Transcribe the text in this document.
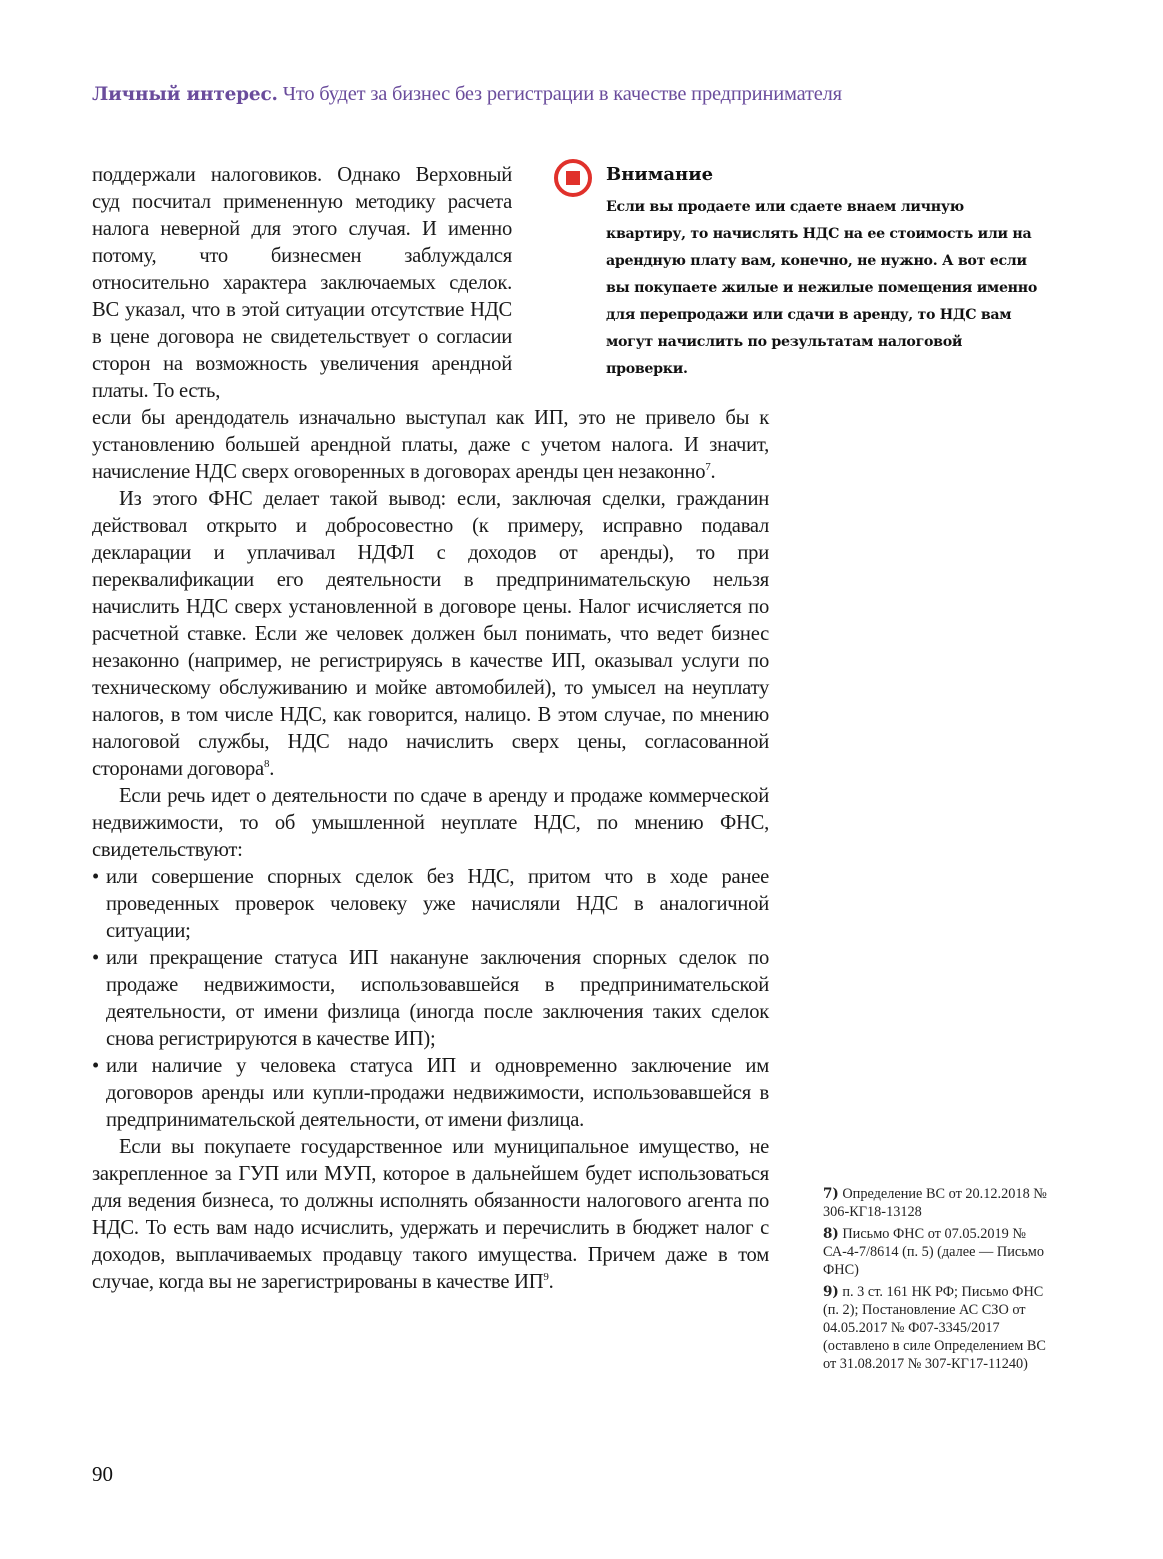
Личный интерес. Что будет за бизнес без регистрации в качестве предпринимателя

поддержали налоговиков. Однако Верховный суд посчитал примененную методику расчета налога неверной для этого случая. И именно потому, что бизнесмен заблуждался относительно характера заключаемых сделок. ВС указал, что в этой ситуации отсутствие НДС в цене договора не свидетельствует о согласии сторон на возможность увеличения арендной платы. То есть,

Внимание
Если вы продаете или сдаете внаем личную квартиру, то начислять НДС на ее стоимость или на арендную плату вам, конечно, не нужно. А вот если вы покупаете жилые и нежилые помещения именно для перепродажи или сдачи в аренду, то НДС вам могут начислить по результатам налоговой проверки.

если бы арендодатель изначально выступал как ИП, это не привело бы к установлению большей арендной платы, даже с учетом налога. И значит, начисление НДС сверх оговоренных в договорах аренды цен незаконно$^7$.

Из этого ФНС делает такой вывод: если, заключая сделки, гражданин действовал открыто и добросовестно (к примеру, исправно подавал декларации и уплачивал НДФЛ с доходов от аренды), то при переквалификации его деятельности в предпринимательскую нельзя начислить НДС сверх установленной в договоре цены. Налог исчисляется по расчетной ставке. Если же человек должен был понимать, что ведет бизнес незаконно (например, не регистрируясь в качестве ИП, оказывал услуги по техническому обслуживанию и мойке автомобилей), то умысел на неуплату налогов, в том числе НДС, как говорится, налицо. В этом случае, по мнению налоговой службы, НДС надо начислить сверх цены, согласованной сторонами договора$^8$.

Если речь идет о деятельности по сдаче в аренду и продаже коммерческой недвижимости, то об умышленной неуплате НДС, по мнению ФНС, свидетельствуют:

• или совершение спорных сделок без НДС, притом что в ходе ранее проведенных проверок человеку уже начисляли НДС в аналогичной ситуации;
• или прекращение статуса ИП накануне заключения спорных сделок по продаже недвижимости, использовавшейся в предпринимательской деятельности, от имени физлица (иногда после заключения таких сделок снова регистрируются в качестве ИП);
• или наличие у человека статуса ИП и одновременно заключение им договоров аренды или купли-продажи недвижимости, использовавшейся в предпринимательской деятельности, от имени физлица.

Если вы покупаете государственное или муниципальное имущество, не закрепленное за ГУП или МУП, которое в дальнейшем будет использоваться для ведения бизнеса, то должны исполнять обязанности налогового агента по НДС. То есть вам надо исчислить, удержать и перечислить в бюджет налог с доходов, выплачиваемых продавцу такого имущества. Причем даже в том случае, когда вы не зарегистрированы в качестве $ИП^9$.

7) Определение ВС от 20.12.2018 № 306-КГ18-13128

8) Письмо ФНС от 07.05.2019 № СА-4-7/8614 (п. 5) (далее — Письмо ФНС)

9) п. 3 ст. 161 НК РФ; Письмо ФНС (п. 2); Постановление АС СЗО от 04.05.2017 № Ф07-3345/2017 (оставлено в силе Определением ВС от 31.08.2017 № 307-КГ17-11240)

90
